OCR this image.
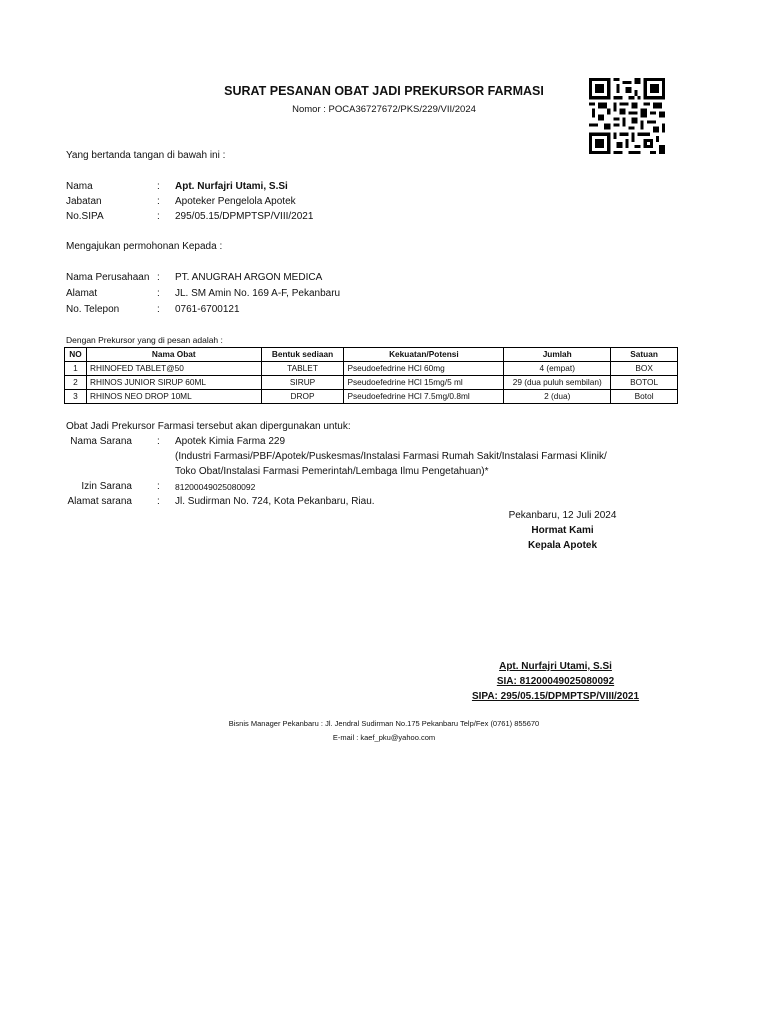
SURAT PESANAN OBAT JADI PREKURSOR FARMASI
Nomor : POCA36727672/PKS/229/VII/2024
Yang bertanda tangan di bawah ini :
Nama	: Apt. Nurfajri Utami, S.Si
Jabatan	: Apoteker Pengelola Apotek
No.SIPA	: 295/05.15/DPMPTSP/VIII/2021
Mengajukan permohonan Kepada :
Nama Perusahaan : PT. ANUGRAH ARGON MEDICA
Alamat	: JL. SM Amin No. 169 A-F, Pekanbaru
No. Telepon	: 0761-6700121
Dengan Prekursor yang di pesan adalah :
NO	Nama Obat	Bentuk sediaan	Kekuatan/Potensi	Jumlah	Satuan
1	RHINOFED TABLET@50	TABLET	Pseudoefedrine HCl 60mg	4 (empat)	BOX
2	RHINOS JUNIOR SIRUP 60ML	SIRUP	Pseudoefedrine HCl 15mg/5 ml	29 (dua puluh sembilan)	BOTOL
3	RHINOS NEO DROP 10ML	DROP	Pseudoefedrine HCl 7.5mg/0.8ml	2 (dua)	Botol
Obat Jadi Prekursor Farmasi tersebut akan dipergunakan untuk:
Nama Sarana	: Apotek Kimia Farma 229
(Industri Farmasi/PBF/Apotek/Puskesmas/Instalasi Farmasi Rumah Sakit/Instalasi Farmasi Klinik/
Toko Obat/Instalasi Farmasi Pemerintah/Lembaga Ilmu Pengetahuan)*
Izin Sarana	: 81200049025080092
Alamat sarana	: Jl. Sudirman No. 724, Kota Pekanbaru, Riau.
Pekanbaru, 12 Juli 2024
Hormat Kami
Kepala Apotek
Apt. Nurfajri Utami, S.Si
SIA: 81200049025080092
SIPA: 295/05.15/DPMPTSP/VIII/2021
Bisnis Manager Pekanbaru : Jl. Jendral Sudirman No.175 Pekanbaru Telp/Fex (0761) 855670
E-mail : kaef_pku@yahoo.com
